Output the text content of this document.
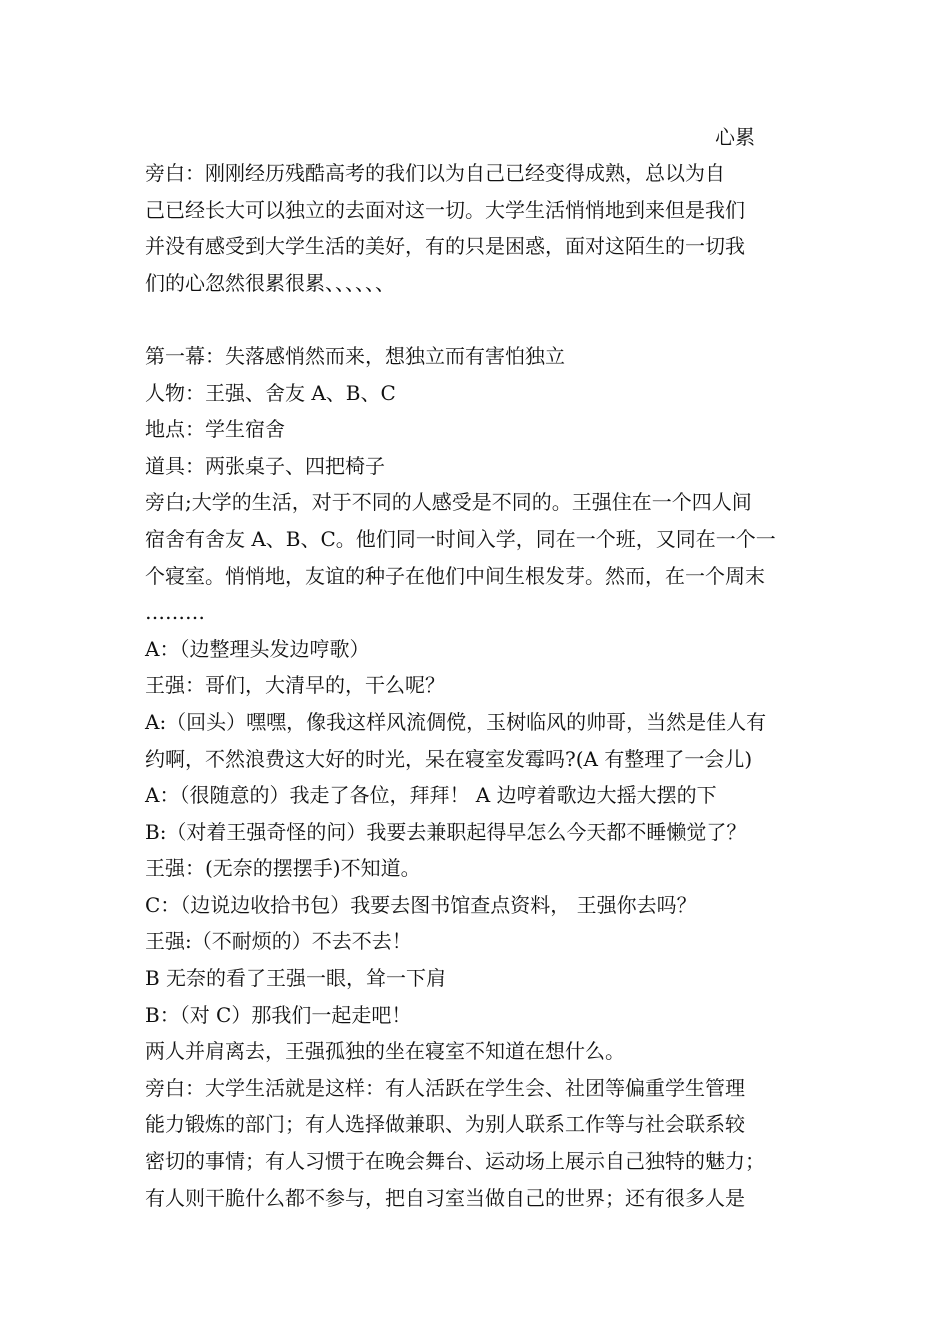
心累

旁白：刚刚经历残酷高考的我们以为自己已经变得成熟，总以为自

己已经长大可以独立的去面对这一切。大学生活悄悄地到来但是我们

并没有感受到大学生活的美好，有的只是困惑，面对这陌生的一切我

们的心忽然很累很累、、、、、、

第一幕：失落感悄然而来，想独立而有害怕独立

人物：王强、舍友 A、B、C

地点：学生宿舍

道具：两张桌子、四把椅子

旁白;大学的生活，对于不同的人感受是不同的。王强住在一个四人间

宿舍有舍友 A、B、C。他们同一时间入学，同在一个班，又同在一个一

个寝室。悄悄地，友谊的种子在他们中间生根发芽。然而，在一个周末

………

A：（边整理头发边哼歌）

王强：哥们，大清早的，干么呢？

A:（回头）嘿嘿，像我这样风流倜傥，玉树临风的帅哥，当然是佳人有

约啊，不然浪费这大好的时光，呆在寝室发霉吗?(A 有整理了一会儿)

A：（很随意的）我走了各位，拜拜！ A 边哼着歌边大摇大摆的下

B:（对着王强奇怪的问）我要去兼职起得早怎么今天都不睡懒觉了？

王强：(无奈的摆摆手)不知道。

C：（边说边收拾书包）我要去图书馆查点资料， 王强你去吗？

王强:（不耐烦的）不去不去！

B 无奈的看了王强一眼，耸一下肩

B：（对 C）那我们一起走吧！

两人并肩离去，王强孤独的坐在寝室不知道在想什么。

旁白：大学生活就是这样：有人活跃在学生会、社团等偏重学生管理

能力锻炼的部门；有人选择做兼职、为别人联系工作等与社会联系较

密切的事情；有人习惯于在晚会舞台、运动场上展示自己独特的魅力；

有人则干脆什么都不参与，把自习室当做自己的世界；还有很多人是
